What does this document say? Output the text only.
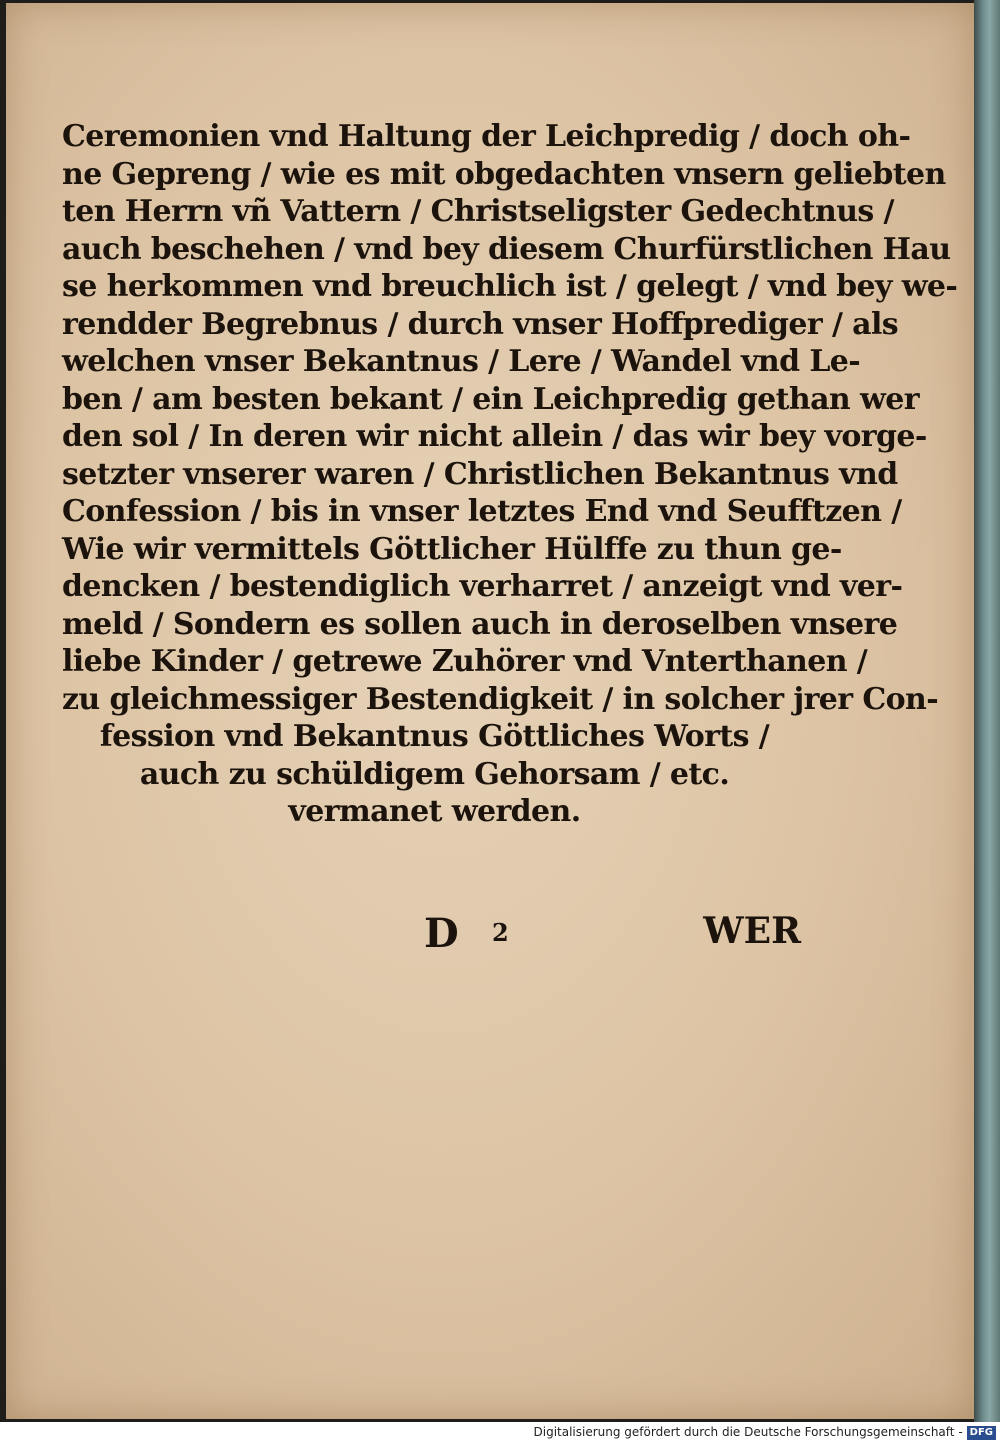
Ceremonien vnd Haltung der Leichpredig / doch oh-
ne Gepreng / wie es mit obgedachten vnsern geliebten
ten Herrn vñ Vattern / Christseligster Gedechtnus /
auch beschehen / vnd bey diesem Churfürstlichen Hau
se herkommen vnd breuchlich ist / gelegt / vnd bey we-
rendder Begrebnus / durch vnser Hoffprediger / als
welchen vnser Bekantnus / Lere / Wandel vnd Le-
ben / am besten bekant / ein Leichpredig gethan wer
den sol / In deren wir nicht allein / das wir bey vorge-
setzter vnserer waren / Christlichen Bekantnus vnd
Confession / bis in vnser letztes End vnd Seufftzen /
Wie wir vermittels Göttlicher Hülffe zu thun ge-
dencken / bestendiglich verharret / anzeigt vnd ver-
meld / Sondern es sollen auch in deroselben vnsere
liebe Kinder / getrewe Zuhörer vnd Vnterthanen /
zu gleichmessiger Bestendigkeit / in solcher jrer Con-
fession vnd Bekantnus Göttliches Worts /
auch zu schüldigem Gehorsam / etc.
vermanet werden.
D 2	WER
Digitalisierung gefördert durch die Deutsche Forschungsgemeinschaft - DFG
